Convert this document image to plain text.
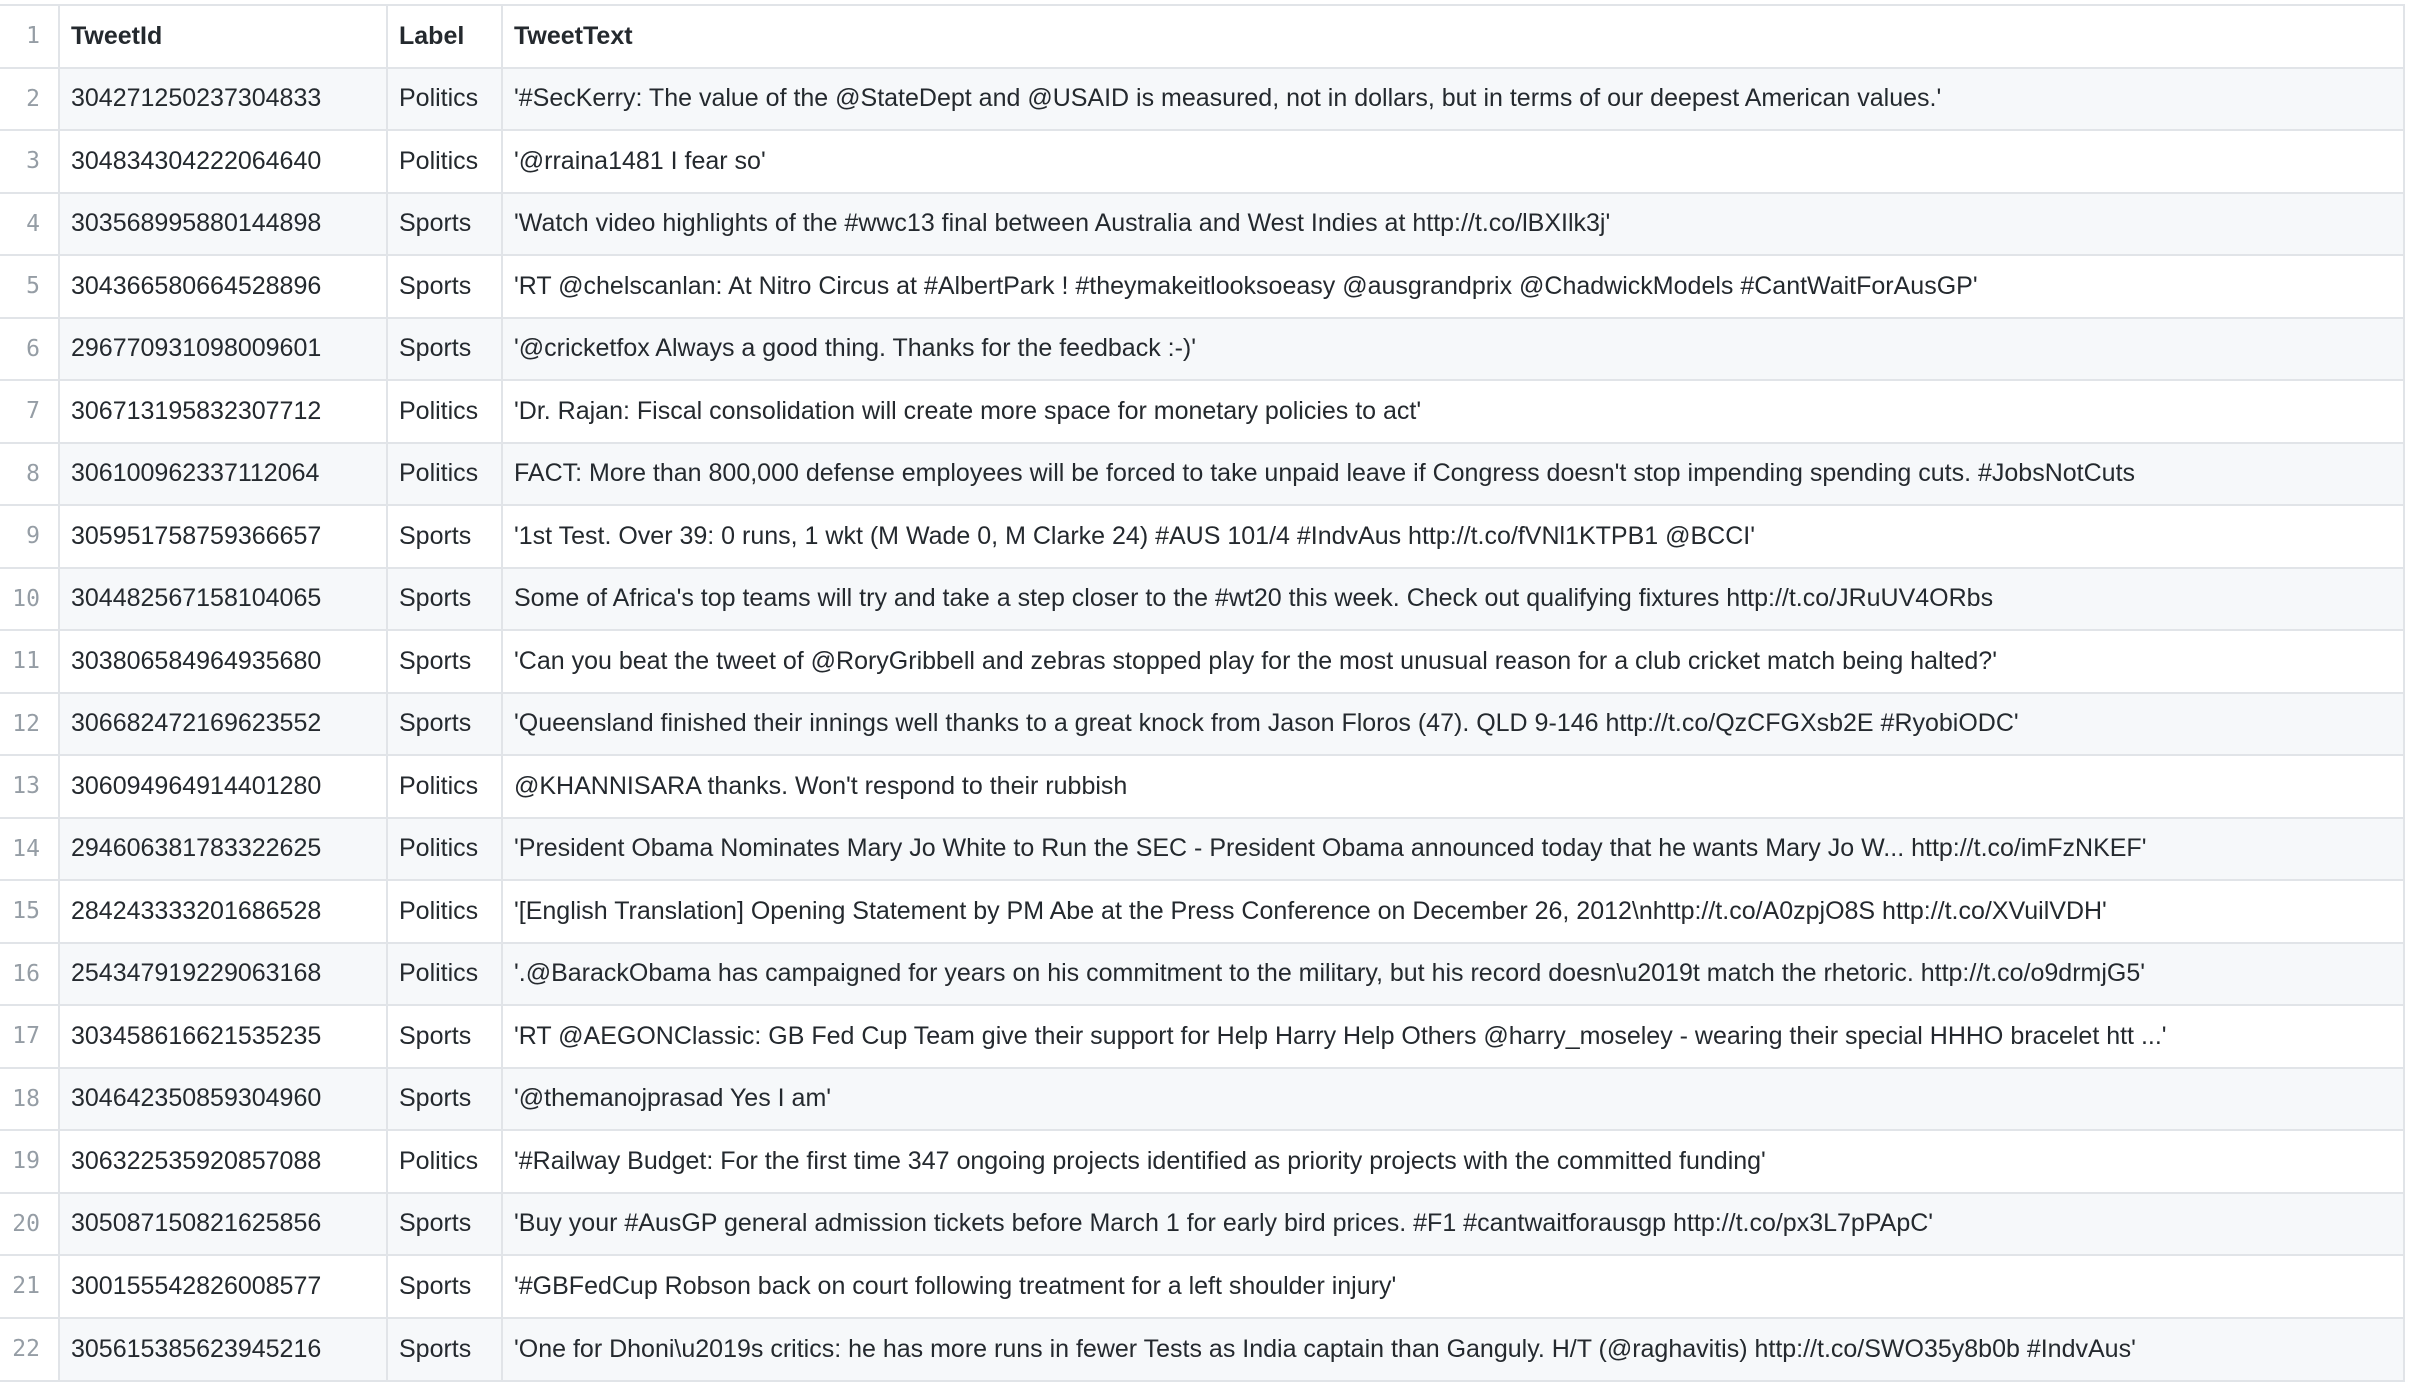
1	TweetId	Label	TweetText
2	304271250237304833	Politics	'#SecKerry: The value of the @StateDept and @USAID is measured, not in dollars, but in terms of our deepest American values.'
3	304834304222064640	Politics	'@rraina1481 I fear so'
4	303568995880144898	Sports	'Watch video highlights of the #wwc13 final between Australia and West Indies at http://t.co/lBXIlk3j'
5	304366580664528896	Sports	'RT @chelscanlan: At Nitro Circus at #AlbertPark ! #theymakeitlooksoeasy @ausgrandprix @ChadwickModels #CantWaitForAusGP'
6	296770931098009601	Sports	'@cricketfox Always a good thing. Thanks for the feedback :-)'
7	306713195832307712	Politics	'Dr. Rajan: Fiscal consolidation will create more space for monetary policies to act'
8	306100962337112064	Politics	FACT: More than 800,000 defense employees will be forced to take unpaid leave if Congress doesn't stop impending spending cuts. #JobsNotCuts
9	305951758759366657	Sports	'1st Test. Over 39: 0 runs, 1 wkt (M Wade 0, M Clarke 24) #AUS 101/4 #IndvAus http://t.co/fVNl1KTPB1 @BCCI'
10	304482567158104065	Sports	Some of Africa's top teams will try and take a step closer to the #wt20 this week. Check out qualifying fixtures http://t.co/JRuUV4ORbs
11	303806584964935680	Sports	'Can you beat the tweet of @RoryGribbell and zebras stopped play for the most unusual reason for a club cricket match being halted?'
12	306682472169623552	Sports	'Queensland finished their innings well thanks to a great knock from Jason Floros (47). QLD 9-146 http://t.co/QzCFGXsb2E #RyobiODC'
13	306094964914401280	Politics	@KHANNISARA thanks. Won't respond to their rubbish
14	294606381783322625	Politics	'President Obama Nominates Mary Jo White to Run the SEC - President Obama announced today that he wants Mary Jo W... http://t.co/imFzNKEF'
15	284243333201686528	Politics	'[English Translation] Opening Statement by PM Abe at the Press Conference on December 26, 2012\nhttp://t.co/A0zpjO8S http://t.co/XVuilVDH'
16	254347919229063168	Politics	'.@BarackObama has campaigned for years on his commitment to the military, but his record doesn\u2019t match the rhetoric. http://t.co/o9drmjG5'
17	303458616621535235	Sports	'RT @AEGONClassic: GB Fed Cup Team give their support for Help Harry Help Others @harry_moseley - wearing their special HHHO bracelet htt ...'
18	304642350859304960	Sports	'@themanojprasad Yes I am'
19	306322535920857088	Politics	'#Railway Budget: For the first time 347 ongoing projects identified as priority projects with the committed funding'
20	305087150821625856	Sports	'Buy your #AusGP general admission tickets before March 1 for early bird prices. #F1 #cantwaitforausgp http://t.co/px3L7pPApC'
21	300155542826008577	Sports	'#GBFedCup Robson back on court following treatment for a left shoulder injury'
22	305615385623945216	Sports	'One for Dhoni\u2019s critics: he has more runs in fewer Tests as India captain than Ganguly. H/T (@raghavitis) http://t.co/SWO35y8b0b #IndvAus'
